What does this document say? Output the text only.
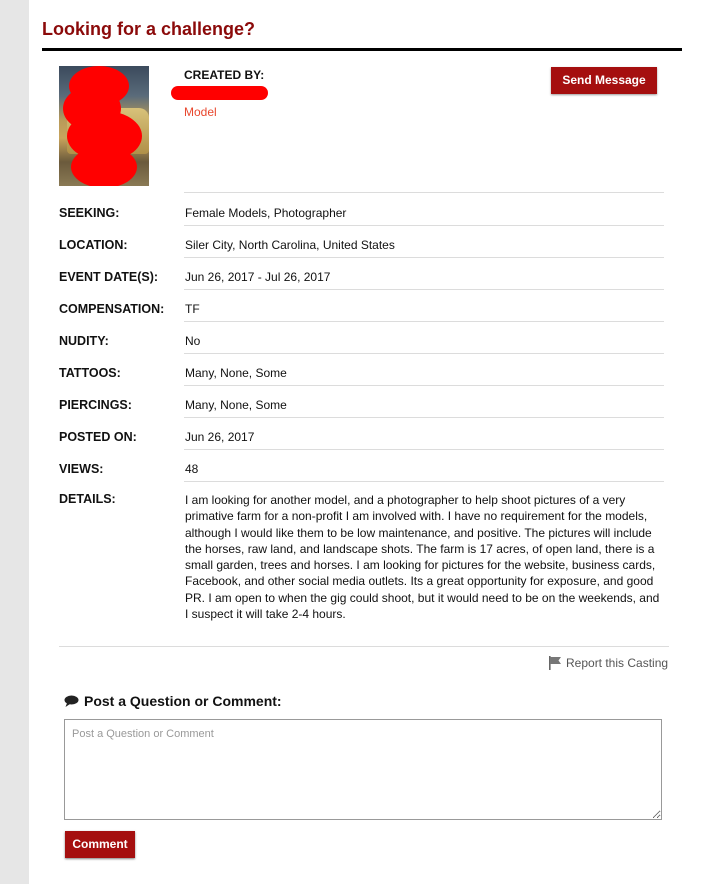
Looking for a challenge?
CREATED BY:
Model
Send Message
SEEKING:	Female Models, Photographer
LOCATION:	Siler City, North Carolina, United States
EVENT DATE(S): Jun 26, 2017 - Jul 26, 2017
COMPENSATION: TF
NUDITY:	No
TATTOOS:	Many, None, Some
PIERCINGS:	Many, None, Some
POSTED ON:	Jun 26, 2017
VIEWS:	48
DETAILS:	I am looking for another model, and a photographer to help shoot pictures of a very primative farm for a non-profit I am involved with. I have no requirement for the models, although I would like them to be low maintenance, and positive. The pictures will include the horses, raw land, and landscape shots. The farm is 17 acres, of open land, there is a small garden, trees and horses. I am looking for pictures for the website, business cards, Facebook, and other social media outlets. Its a great opportunity for exposure, and good PR. I am open to when the gig could shoot, but it would need to be on the weekends, and I suspect it will take 2-4 hours.
Report this Casting
Post a Question or Comment:
Post a Question or Comment
Comment
